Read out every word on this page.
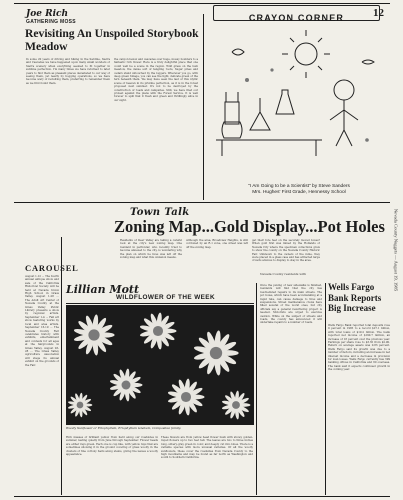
12
Nevada County Nuggets — August 19, 1985
Joe Rich
GATHERING MOSS
Revisiting An Unspoiled Storybook Meadow
In some 20 years of driving and hiking in the Sardine, Sierra and Cascades we have happened upon many small wonders of Sierra scenery when everything seemed to fit together in sublime perfection. I'm many times we have returned to later years to find them as pleasant places devastated to our way of seeing them, yet nearly by hogging operations, so we have become wary of revisiting them, preferring to remember them as we first found them.
the canyon below and cascades over huge, mossy boulders to a fantastic rich flower. Here is a truly delightful place that one could well be a scene in the region. Wild grass on the lush meadow, the dense soft of tangling roots, Sugar pines and cedars stand untouched by the loggers. Wherever you go, with deep green foliage, you can see the light, delicate green of the fern beneath them. We may have seen the last of this idyllic scene of heaven in its pristine perfection, as it is in the forest proposed next summer. It's not to be destroyed by the construction of roads and campsites. Still, we have filed our protest against the plans with the Forest Service. It is well forever to spill that it fresh and green and thrillingly alive in our sight.
CRAYON CORNER
"I Am Going to be a Scientist" by Steve Sanders
Mrs. Hughes' First Grade, Hennessy School
Town Talk
Zoning Map...Gold Display...Pot Holes
Residents of Deer Valley are taking a careful look at the city's new zoning map. One resident in particular, who recently tried to become annexed to the city, is wondering why the plan on which he lives was left off the zoning map and what this omission means.
Although the area, Broadview Heights, is still cordoned by an R-1 zone, one street was left off the zoning map.
get their fore feet on the securely moved boxes? When gold first was mined by the Hollands of Nevada City where the specimen collections grew to show the county on the Nevada County Historic Fair. Unknown to the owners of the mine, they were placed in a glass case and has attracted large crowds anxious to display to stay in the area.
Nevada County residents with
CAROUSEL
August 1-12 ... The fourth annual antique show and sale of the California Historical Society will be held at Nevada Union High School in Grass Valley. August 1-28 ... The Adult Art Center of Nevada County at the Grass Valley Public Library presents a show by regional artists. September 1-4 ... Fall art show featuring works by local and area artists. September 16-19 ... The Nevada County Fair celebrates history with exhibits, entertainment and contests for all ages at the fairgrounds in Grass Valley. August 26-28 ... The Grass Valley Agriculture Association will stage its annual exhibit on the grounds of the Fair.
Lillian Mott
WILDFLOWER OF THE WEEK
Woolly Sunflower or Eriophyllum, Eriophyllum lanatum, Compositae family.
Rich masses of brilliant yellow from hard along our roadsides in summer, lasting quietly from June through September. Flower heads are either rays green. Each one is cup like, with yellow rays that are sometimes showing it in the ground covering of grass woolly in the clusters of fine cottony hairs along stems, giving the leaves a woolly appearance.
These flowers are from yellow head flower bush with showy golden-rayed flowers up to two feet tall. The leaves are two to three inches long, silvery-gray green in color, and deeply cut into lobes. There is a variable species with more unusual varieties. Of all the woolly sunflowers, these cover the roadsides from Nevada County to the high mountains and may be found as far north as Washington and south to Southern California.
Once the paving of new sidewalks is finished, residents will find that the city has rescheduled repairs to its main streets. The pot holes, which have been accumulating at a rapid rate, can cause damage to tires and suspensions. Street maintenance crews have filled several of the worst ones, but city officials say a general resurfacing project is needed. Motorists are urged to exercise caution. While on the subject of streets and roads, the county has announced it will undertake repairs to a number of roads.
Wells Fargo Bank Reports Big Increase
Wells Fargo Bank reported total deposits rose 9 percent in 1985 to a record $27.1 billion, with total loans of $19.2 billion. The bank reported net income of $190.7 million, an increase of 18 percent over the previous year. Earnings per share rose to $3.35 from $2.90. Return on average assets was 0.83 percent. Wells Fargo said its growth was due to a number of factors, including an increase in net interest income and a decrease in provision for loan losses. Wells Fargo currently has 399 banking offices in California and 60 overseas. The bank said it expects continued growth in the coming year.
